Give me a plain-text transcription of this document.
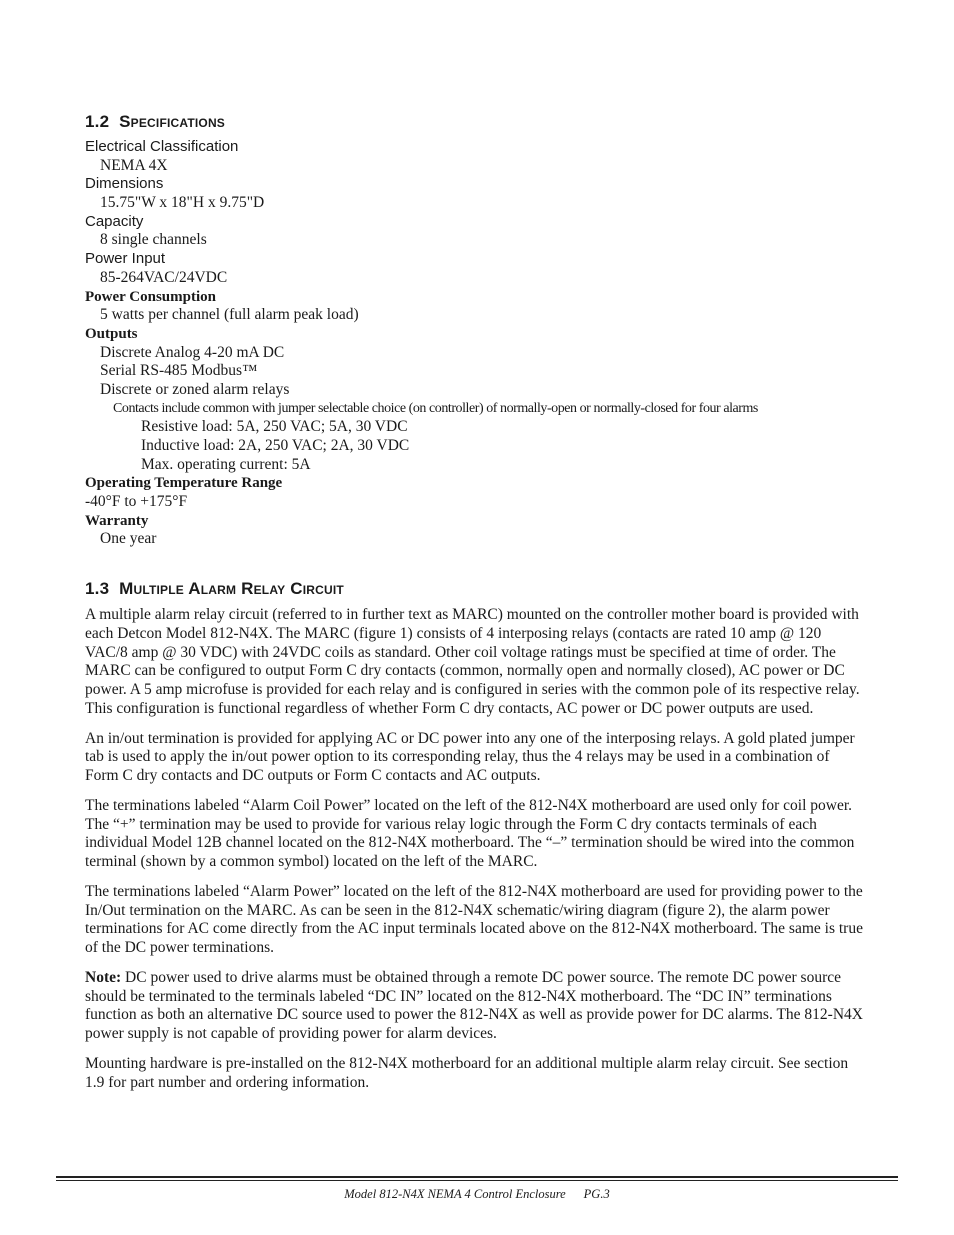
1.2 Specifications
Electrical Classification
NEMA 4X
Dimensions
15.75"W x 18"H x 9.75"D
Capacity
8 single channels
Power Input
85-264VAC/24VDC
Power Consumption
5 watts per channel (full alarm peak load)
Outputs
Discrete Analog 4-20 mA DC
Serial RS-485 Modbus™
Discrete or zoned alarm relays
Contacts include common with jumper selectable choice (on controller) of normally-open or normally-closed for four alarms
Resistive load: 5A, 250 VAC; 5A, 30 VDC
Inductive load: 2A, 250 VAC; 2A, 30 VDC
Max. operating current: 5A
Operating Temperature Range
-40°F to +175°F
Warranty
One year
1.3 Multiple Alarm Relay Circuit

A multiple alarm relay circuit (referred to in further text as MARC) mounted on the controller mother board is provided with each Detcon Model 812-N4X. The MARC (figure 1) consists of 4 interposing relays (contacts are rated 10 amp @ 120 VAC/8 amp @ 30 VDC) with 24VDC coils as standard. Other coil voltage ratings must be specified at time of order. The MARC can be configured to output Form C dry contacts (common, normally open and normally closed), AC power or DC power. A 5 amp microfuse is provided for each relay and is configured in series with the common pole of its respective relay. This configuration is functional regardless of whether Form C dry contacts, AC power or DC power outputs are used.

An in/out termination is provided for applying AC or DC power into any one of the interposing relays. A gold plated jumper tab is used to apply the in/out power option to its corresponding relay, thus the 4 relays may be used in a combination of Form C dry contacts and DC outputs or Form C contacts and AC outputs.

The terminations labeled “Alarm Coil Power” located on the left of the 812-N4X motherboard are used only for coil power. The “+” termination may be used to provide for various relay logic through the Form C dry contacts terminals of each individual Model 12B channel located on the 812-N4X motherboard. The “–” termination should be wired into the common terminal (shown by a common symbol) located on the left of the MARC.

The terminations labeled “Alarm Power” located on the left of the 812-N4X motherboard are used for providing power to the In/Out termination on the MARC. As can be seen in the 812-N4X schematic/wiring diagram (figure 2), the alarm power terminations for AC come directly from the AC input terminals located above on the 812-N4X motherboard. The same is true of the DC power terminations.

Note: DC power used to drive alarms must be obtained through a remote DC power source. The remote DC power source should be terminated to the terminals labeled “DC IN” located on the 812-N4X motherboard. The “DC IN” terminations function as both an alternative DC source used to power the 812-N4X as well as provide power for DC alarms. The 812-N4X power supply is not capable of providing power for alarm devices.

Mounting hardware is pre-installed on the 812-N4X motherboard for an additional multiple alarm relay circuit. See section 1.9 for part number and ordering information.

Model 812-N4X NEMA 4 Control Enclosure PG.3
